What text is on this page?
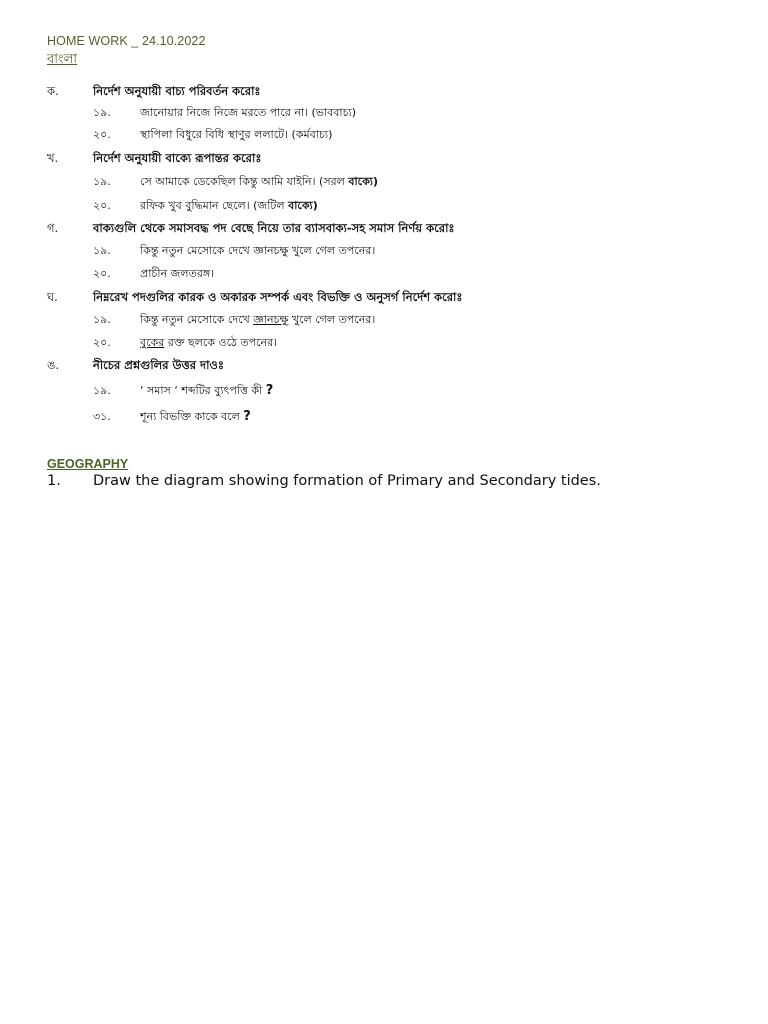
HOME WORK _ 24.10.2022
বাংলা
ক.	নির্দেশ অনুযায়ী বাচ্য পরিবর্তন করোঃ
১৯.	জানোয়ার নিজে নিজে মরতে পারে না। (ভাববাচ্য)
২০.	স্থাপিলা বিধুরে বিধি স্থাণুর ললাটে। (কর্মবাচ্য)
খ.	নির্দেশ অনুযায়ী বাক্যে রূপান্তর করোঃ
১৯.	সে আমাকে ডেকেছিল কিন্তু আমি যাইনি। (সরল বাক্যে)
২০.	রফিক খুব বুদ্ধিমান ছেলে। (জটিল বাক্যে)
গ.	বাক্যগুলি থেকে সমাসবদ্ধ পদ বেছে নিয়ে তার ব্যাসবাক্য-সহ সমাস নির্ণয় করোঃ
১৯.	কিন্তু নতুন মেসোকে দেখে জ্ঞানচক্ষু খুলে গেল তপনের।
২০.	প্রাচীন জলতরঙ্গ।
ঘ.	নিম্নরেখ পদগুলির কারক ও অকারক সম্পর্ক এবং বিভক্তি ও অনুসর্গ নির্দেশ করোঃ
১৯.	কিন্তু নতুন মেসোকে দেখে জ্ঞানচক্ষু খুলে গেল তপনের।
২০.	বুকের রক্ত ছলকে ওঠে তপনের।
ঙ.	নীচের প্রশ্নগুলির উত্তর দাওঃ
১৯.	‘ সমাস ‘ শব্দটির ব্যুৎপত্তি কী ?
৩১.	শূন্য বিভক্তি কাকে বলে ?
GEOGRAPHY
1. Draw the diagram showing formation of Primary and Secondary tides.
